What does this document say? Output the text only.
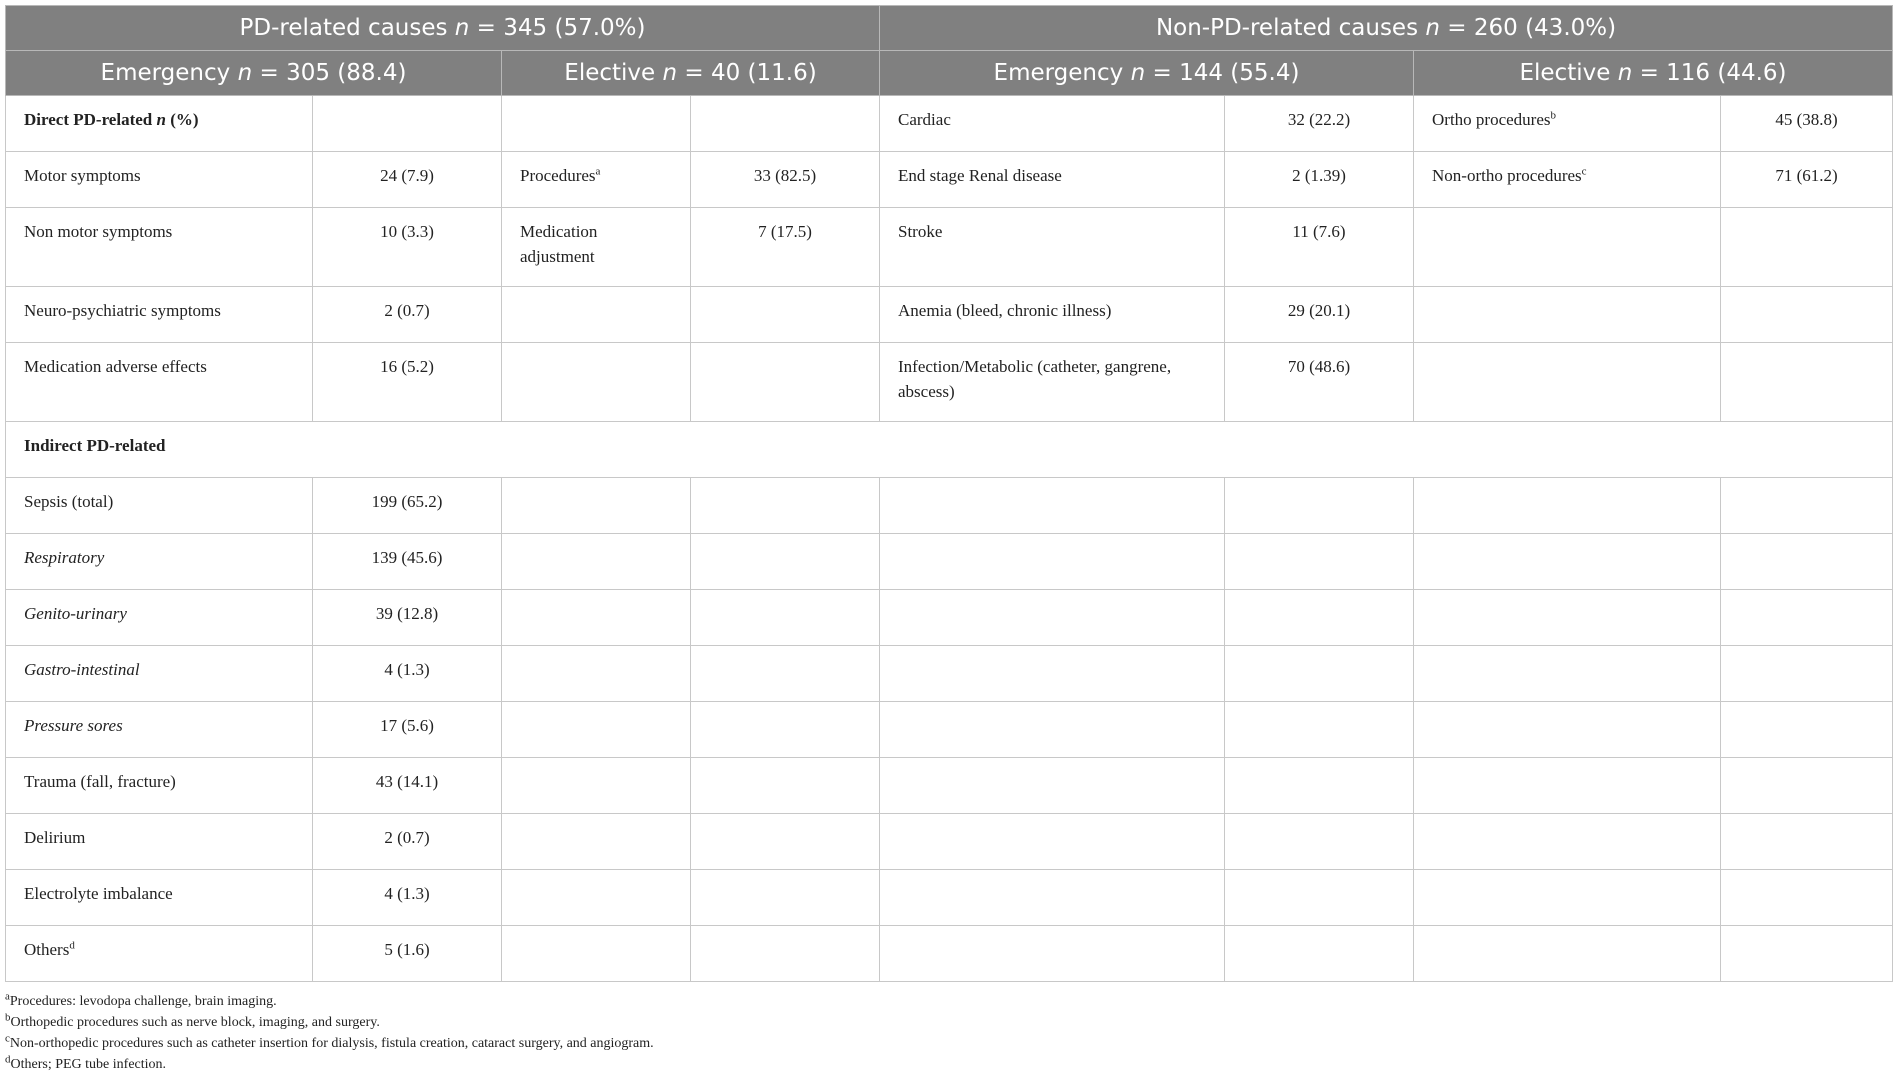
PD-related causes n = 345 (57.0%)				Non-PD-related causes n = 260 (43.0%)			
Emergency n = 305 (88.4)		Elective n = 40 (11.6)		Emergency n = 144 (55.4)		Elective n = 116 (44.6)	
Direct PD-related n (%)				Cardiac	32 (22.2)	Ortho procedures$^b$	45 (38.8)
Motor symptoms	24 (7.9)	Procedures$^a$	33 (82.5)	End stage Renal disease	2 (1.39)	Non-ortho procedures$^c$	71 (61.2)
Non motor symptoms	10 (3.3)	Medication adjustment	7 (17.5)	Stroke	11 (7.6)		
Neuro-psychiatric symptoms	2 (0.7)			Anemia (bleed, chronic illness)	29 (20.1)		
Medication adverse effects	16 (5.2)			Infection/Metabolic (catheter, gangrene, abscess)	70 (48.6)		
Indirect PD-related							
Sepsis (total)	199 (65.2)						
Respiratory	139 (45.6)						
Genito-urinary	39 (12.8)						
Gastro-intestinal	4 (1.3)						
Pressure sores	17 (5.6)						
Trauma (fall, fracture)	43 (14.1)						
Delirium	2 (0.7)						
Electrolyte imbalance	4 (1.3)						
Others$^d$	5 (1.6)						
$^a$Procedures: levodopa challenge, brain imaging.
$^b$Orthopedic procedures such as nerve block, imaging, and surgery.
$^c$Non-orthopedic procedures such as catheter insertion for dialysis, fistula creation, cataract surgery, and angiogram.
$^d$Others; PEG tube infection.
